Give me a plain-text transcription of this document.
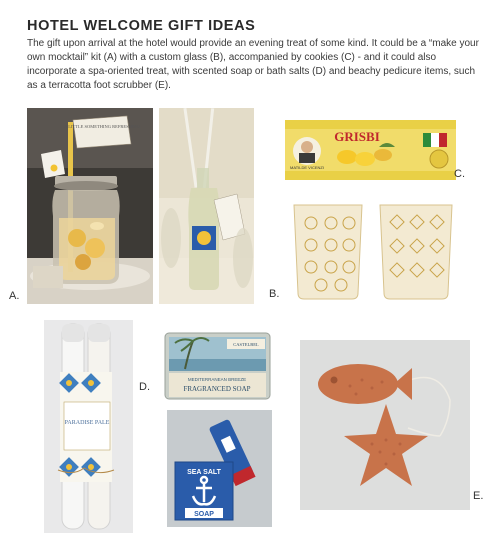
HOTEL WELCOME GIFT IDEAS
The gift upon arrival at the hotel would provide an evening treat of some kind. It could be a “make your own mocktail” kit (A) with a custom glass (B), accompanied by cookies (C) - and it could also incorporate a spa-oriented treat, with scented soap or bath salts (D) and beachy pedicure items, such as a terracotta foot scrubber (E).
A LITTLE SOMETHING REFRESHING
A.
MATILDE VICENZI
GRISBI
C.
B.
PARADISE PALE
CASTELBEL
MEDITERRANEAN BREEZE
FRAGRANCED SOAP
D.
SEA SALT
SOAP
E.
